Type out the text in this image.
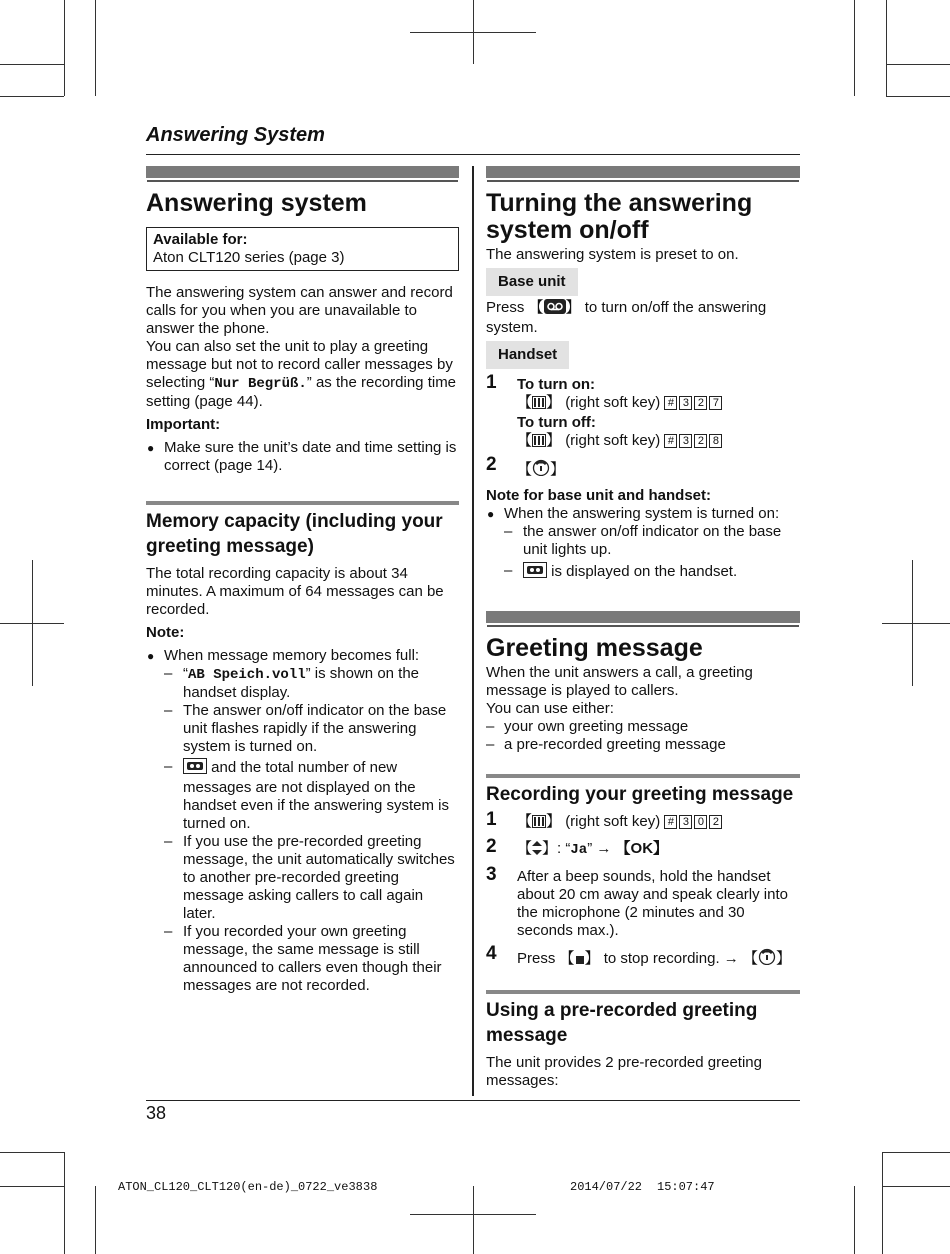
Answering System
Answering system
Available for:
Aton CLT120 series (page 3)

The answering system can answer and record calls for you when you are unavailable to answer the phone.

You can also set the unit to play a greeting message but not to record caller messages by selecting “Nur Begrüß.” as the recording time setting (page 44).

Important:

● Make sure the unit’s date and time setting is correct (page 14).
Memory capacity (including your greeting message)

The total recording capacity is about 34 minutes. A maximum of 64 messages can be recorded.

Note:

● When message memory becomes full:
– “AB Speich.voll” is shown on the handset display.
– The answer on/off indicator on the base unit flashes rapidly if the answering system is turned on.
– and the total number of new messages are not displayed on the handset even if the answering system is turned on.
– If you use the pre-recorded greeting message, the unit automatically switches to another pre-recorded greeting message asking callers to call again later.
– If you recorded your own greeting message, the same message is still announced to callers even though their messages are not recorded.
Turning the answering system on/off

The answering system is preset to on.

Base unit

Press 【 】 to turn on/off the answering system.

Handset
1 To turn on:
【 】 (right soft key) # 3 2 7
To turn off:
【 】 (right soft key) # 3 2 8
2 【 】

Note for base unit and handset:

● When the answering system is turned on:
– the answer on/off indicator on the base unit lights up.
– is displayed on the handset.
Greeting message

When the unit answers a call, a greeting message is played to callers.

You can use either:

– your own greeting message
– a pre-recorded greeting message
Recording your greeting message
1 【 】 (right soft key) # 3 0 2
2 【 】: “Ja” → 【OK】
3 After a beep sounds, hold the handset about 20 cm away and speak clearly into the microphone (2 minutes and 30 seconds max.).
4 Press 【 】 to stop recording. → 【 】
Using a pre-recorded greeting message

The unit provides 2 pre-recorded greeting messages:

38
ATON_CL120_CLT120(en-de)_0722_ve38 38	2014/07/22 15:07:47
